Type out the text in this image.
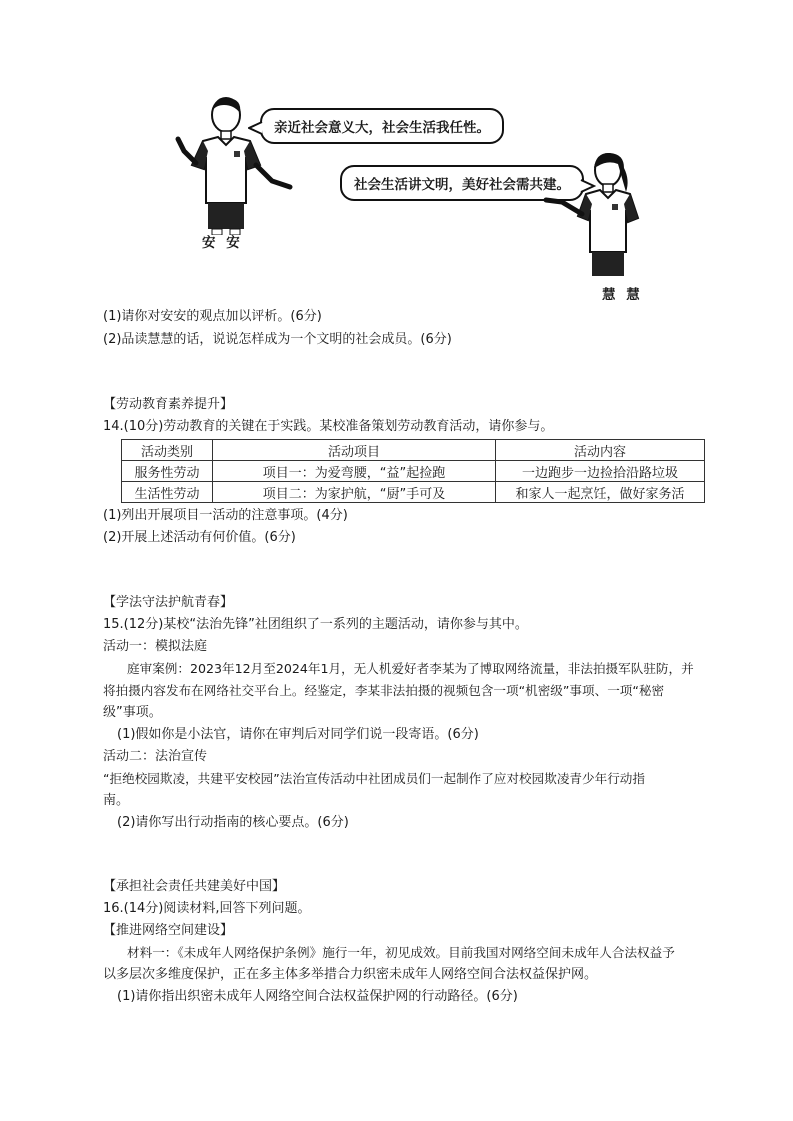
安 安
亲近社会意义大，社会生活我任性。
社会生活讲文明，美好社会需共建。
慧 慧
(1)请你对安安的观点加以评析。(6分)
(2)品读慧慧的话，说说怎样成为一个文明的社会成员。(6分)
【劳动教育素养提升】
14.(10分)劳动教育的关键在于实践。某校准备策划劳动教育活动，请你参与。
活动类别	活动项目	活动内容
服务性劳动	项目一：为爱弯腰，“益”起捡跑	一边跑步一边捡拾沿路垃圾
生活性劳动	项目二：为家护航，“厨”手可及	和家人一起烹饪，做好家务活
(1)列出开展项目一活动的注意事项。(4分)
(2)开展上述活动有何价值。(6分)
【学法守法护航青春】
15.(12分)某校“法治先锋”社团组织了一系列的主题活动，请你参与其中。
活动一：模拟法庭
庭审案例：2023年12月至2024年1月，无人机爱好者李某为了博取网络流量，非法拍摄军队驻防，并
将拍摄内容发布在网络社交平台上。经鉴定，李某非法拍摄的视频包含一项“机密级”事项、一项“秘密
级”事项。
(1)假如你是小法官，请你在审判后对同学们说一段寄语。(6分)
活动二：法治宣传
“拒绝校园欺凌，共建平安校园”法治宣传活动中社团成员们一起制作了应对校园欺凌青少年行动指
南。
(2)请你写出行动指南的核心要点。(6分)
【承担社会责任共建美好中国】
16.(14分)阅读材料,回答下列问题。
【推进网络空间建设】
材料一：《未成年人网络保护条例》施行一年，初见成效。目前我国对网络空间未成年人合法权益予
以多层次多维度保护，正在多主体多举措合力织密未成年人网络空间合法权益保护网。
(1)请你指出织密未成年人网络空间合法权益保护网的行动路径。(6分)
